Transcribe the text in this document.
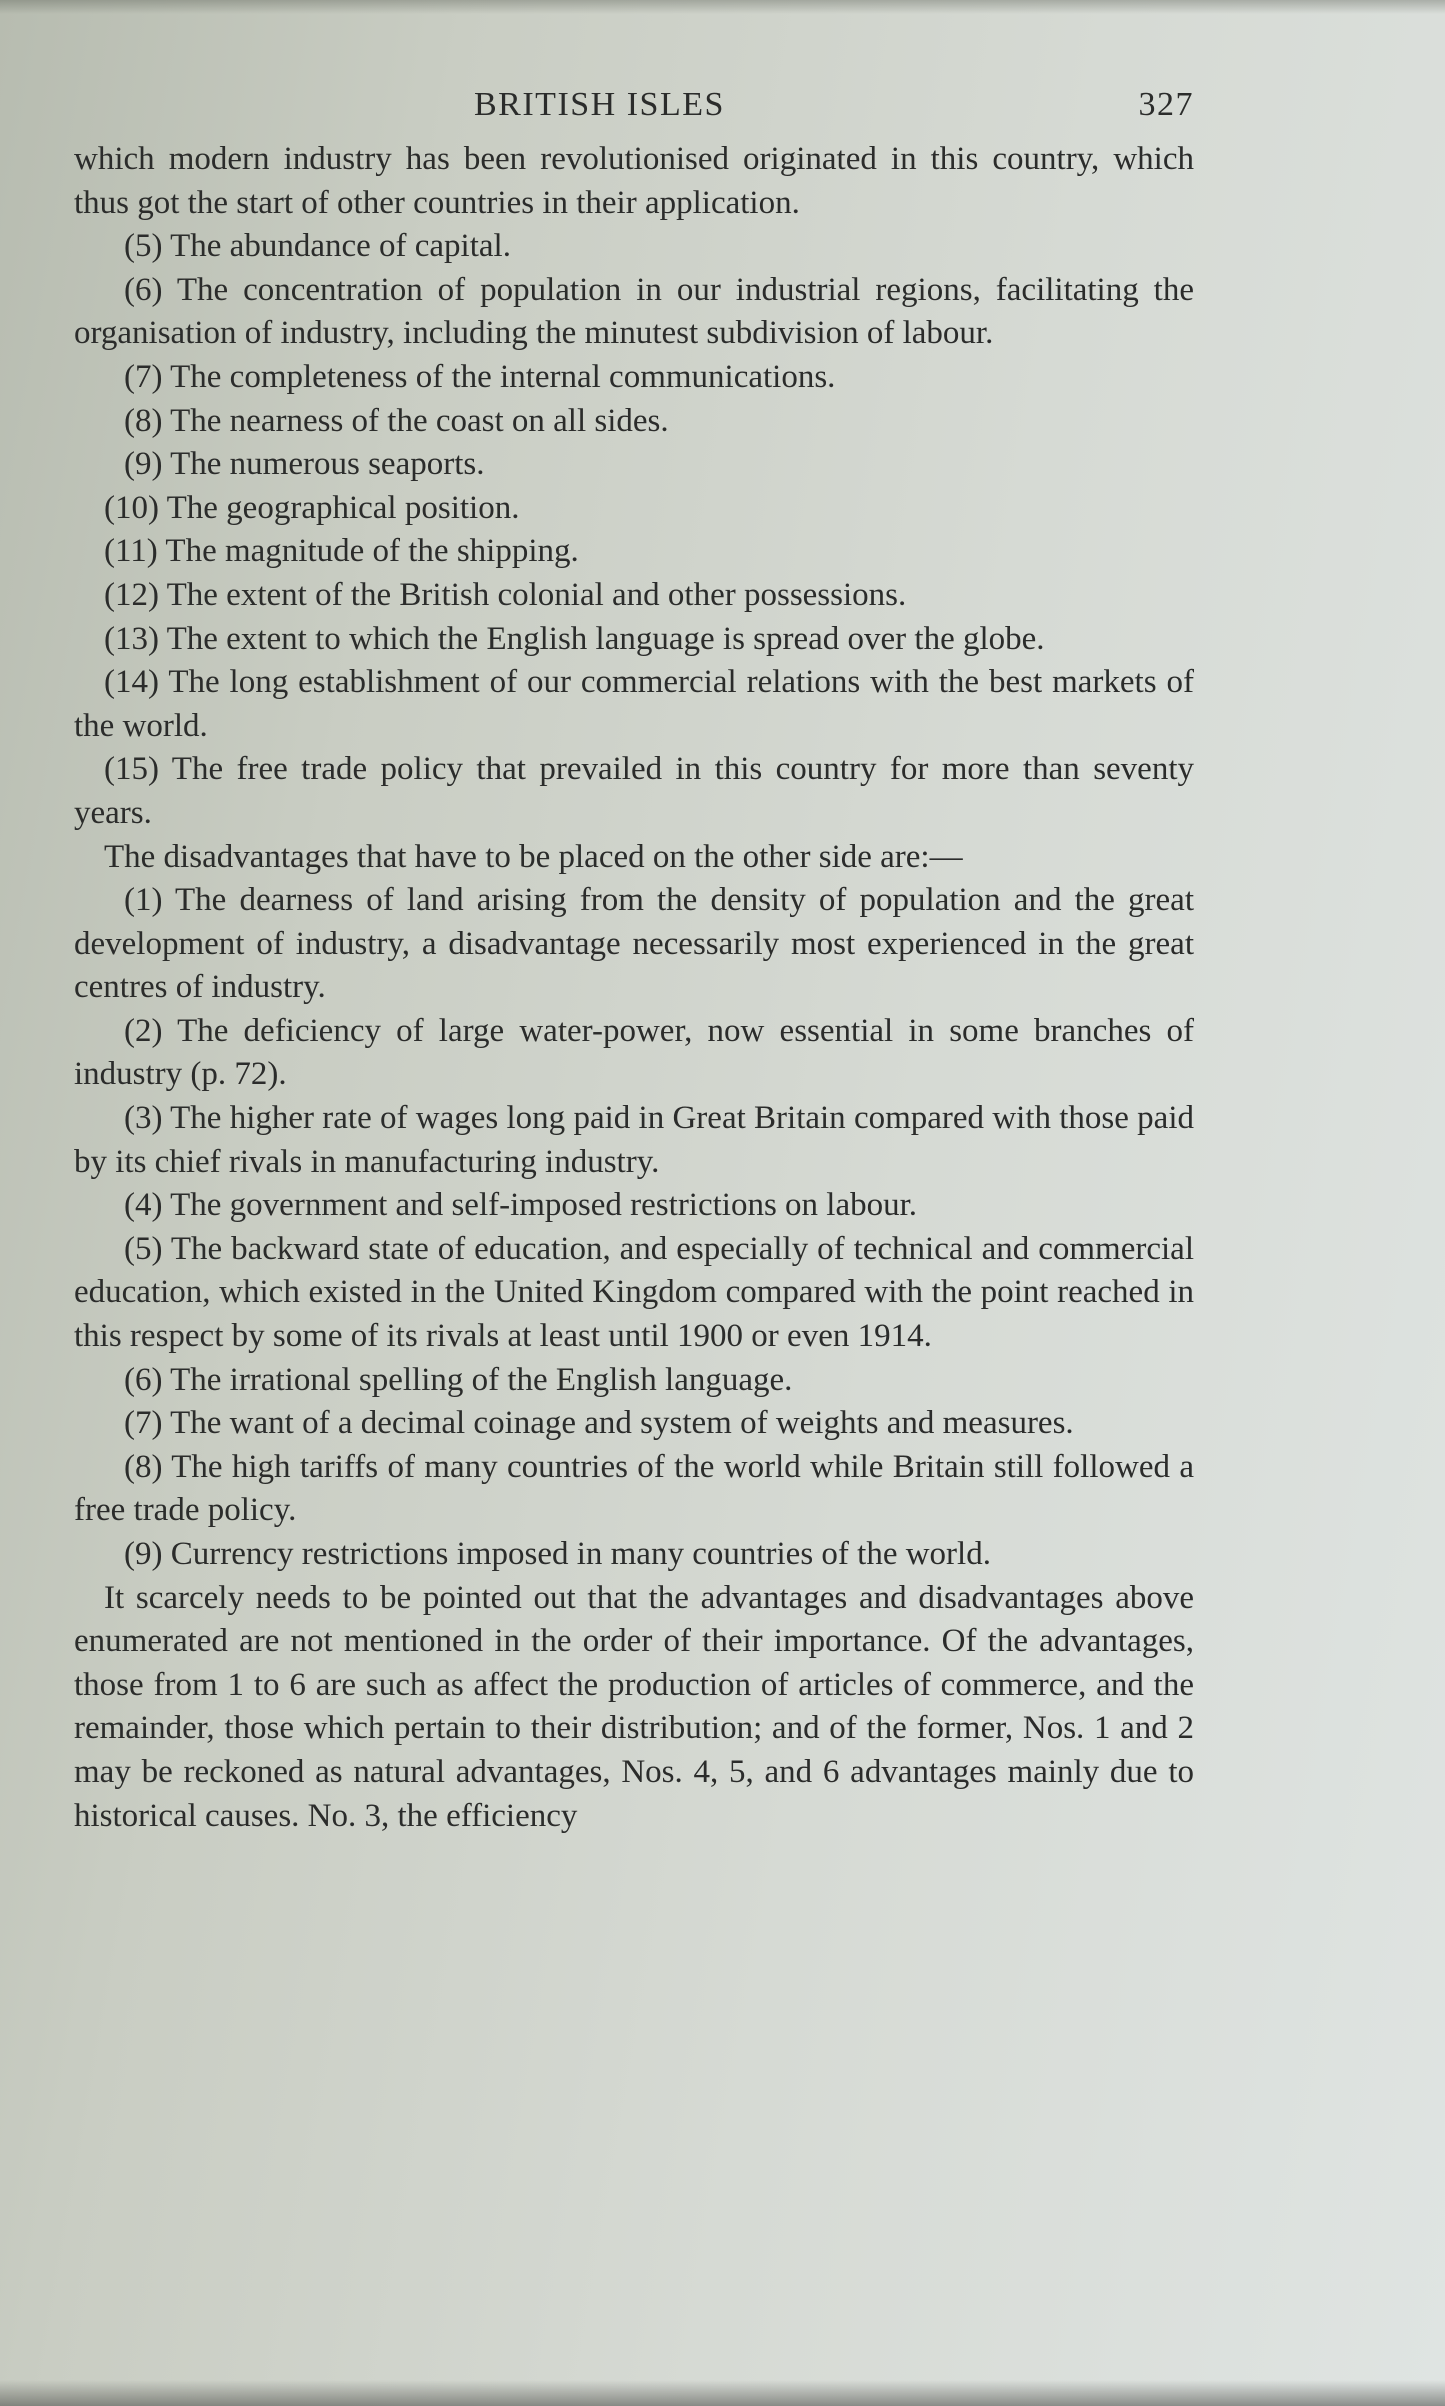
BRITISH ISLES	327

which modern industry has been revolutionised originated in this country, which thus got the start of other countries in their application.

(5) The abundance of capital.

(6) The concentration of population in our industrial regions, facilitating the organisation of industry, including the minutest subdivision of labour.

(7) The completeness of the internal communications.

(8) The nearness of the coast on all sides.

(9) The numerous seaports.

(10) The geographical position.

(11) The magnitude of the shipping.

(12) The extent of the British colonial and other possessions.

(13) The extent to which the English language is spread over the globe.

(14) The long establishment of our commercial relations with the best markets of the world.

(15) The free trade policy that prevailed in this country for more than seventy years.

The disadvantages that have to be placed on the other side are:—

(1) The dearness of land arising from the density of population and the great development of industry, a disadvantage necessarily most experienced in the great centres of industry.

(2) The deficiency of large water-power, now essential in some branches of industry (p. 72).

(3) The higher rate of wages long paid in Great Britain compared with those paid by its chief rivals in manufacturing industry.

(4) The government and self-imposed restrictions on labour.

(5) The backward state of education, and especially of technical and commercial education, which existed in the United Kingdom compared with the point reached in this respect by some of its rivals at least until 1900 or even 1914.

(6) The irrational spelling of the English language.

(7) The want of a decimal coinage and system of weights and measures.

(8) The high tariffs of many countries of the world while Britain still followed a free trade policy.

(9) Currency restrictions imposed in many countries of the world.

It scarcely needs to be pointed out that the advantages and disadvantages above enumerated are not mentioned in the order of their importance. Of the advantages, those from 1 to 6 are such as affect the production of articles of commerce, and the remainder, those which pertain to their distribution; and of the former, Nos. 1 and 2 may be reckoned as natural advantages, Nos. 4, 5, and 6 advantages mainly due to historical causes. No. 3, the efficiency
